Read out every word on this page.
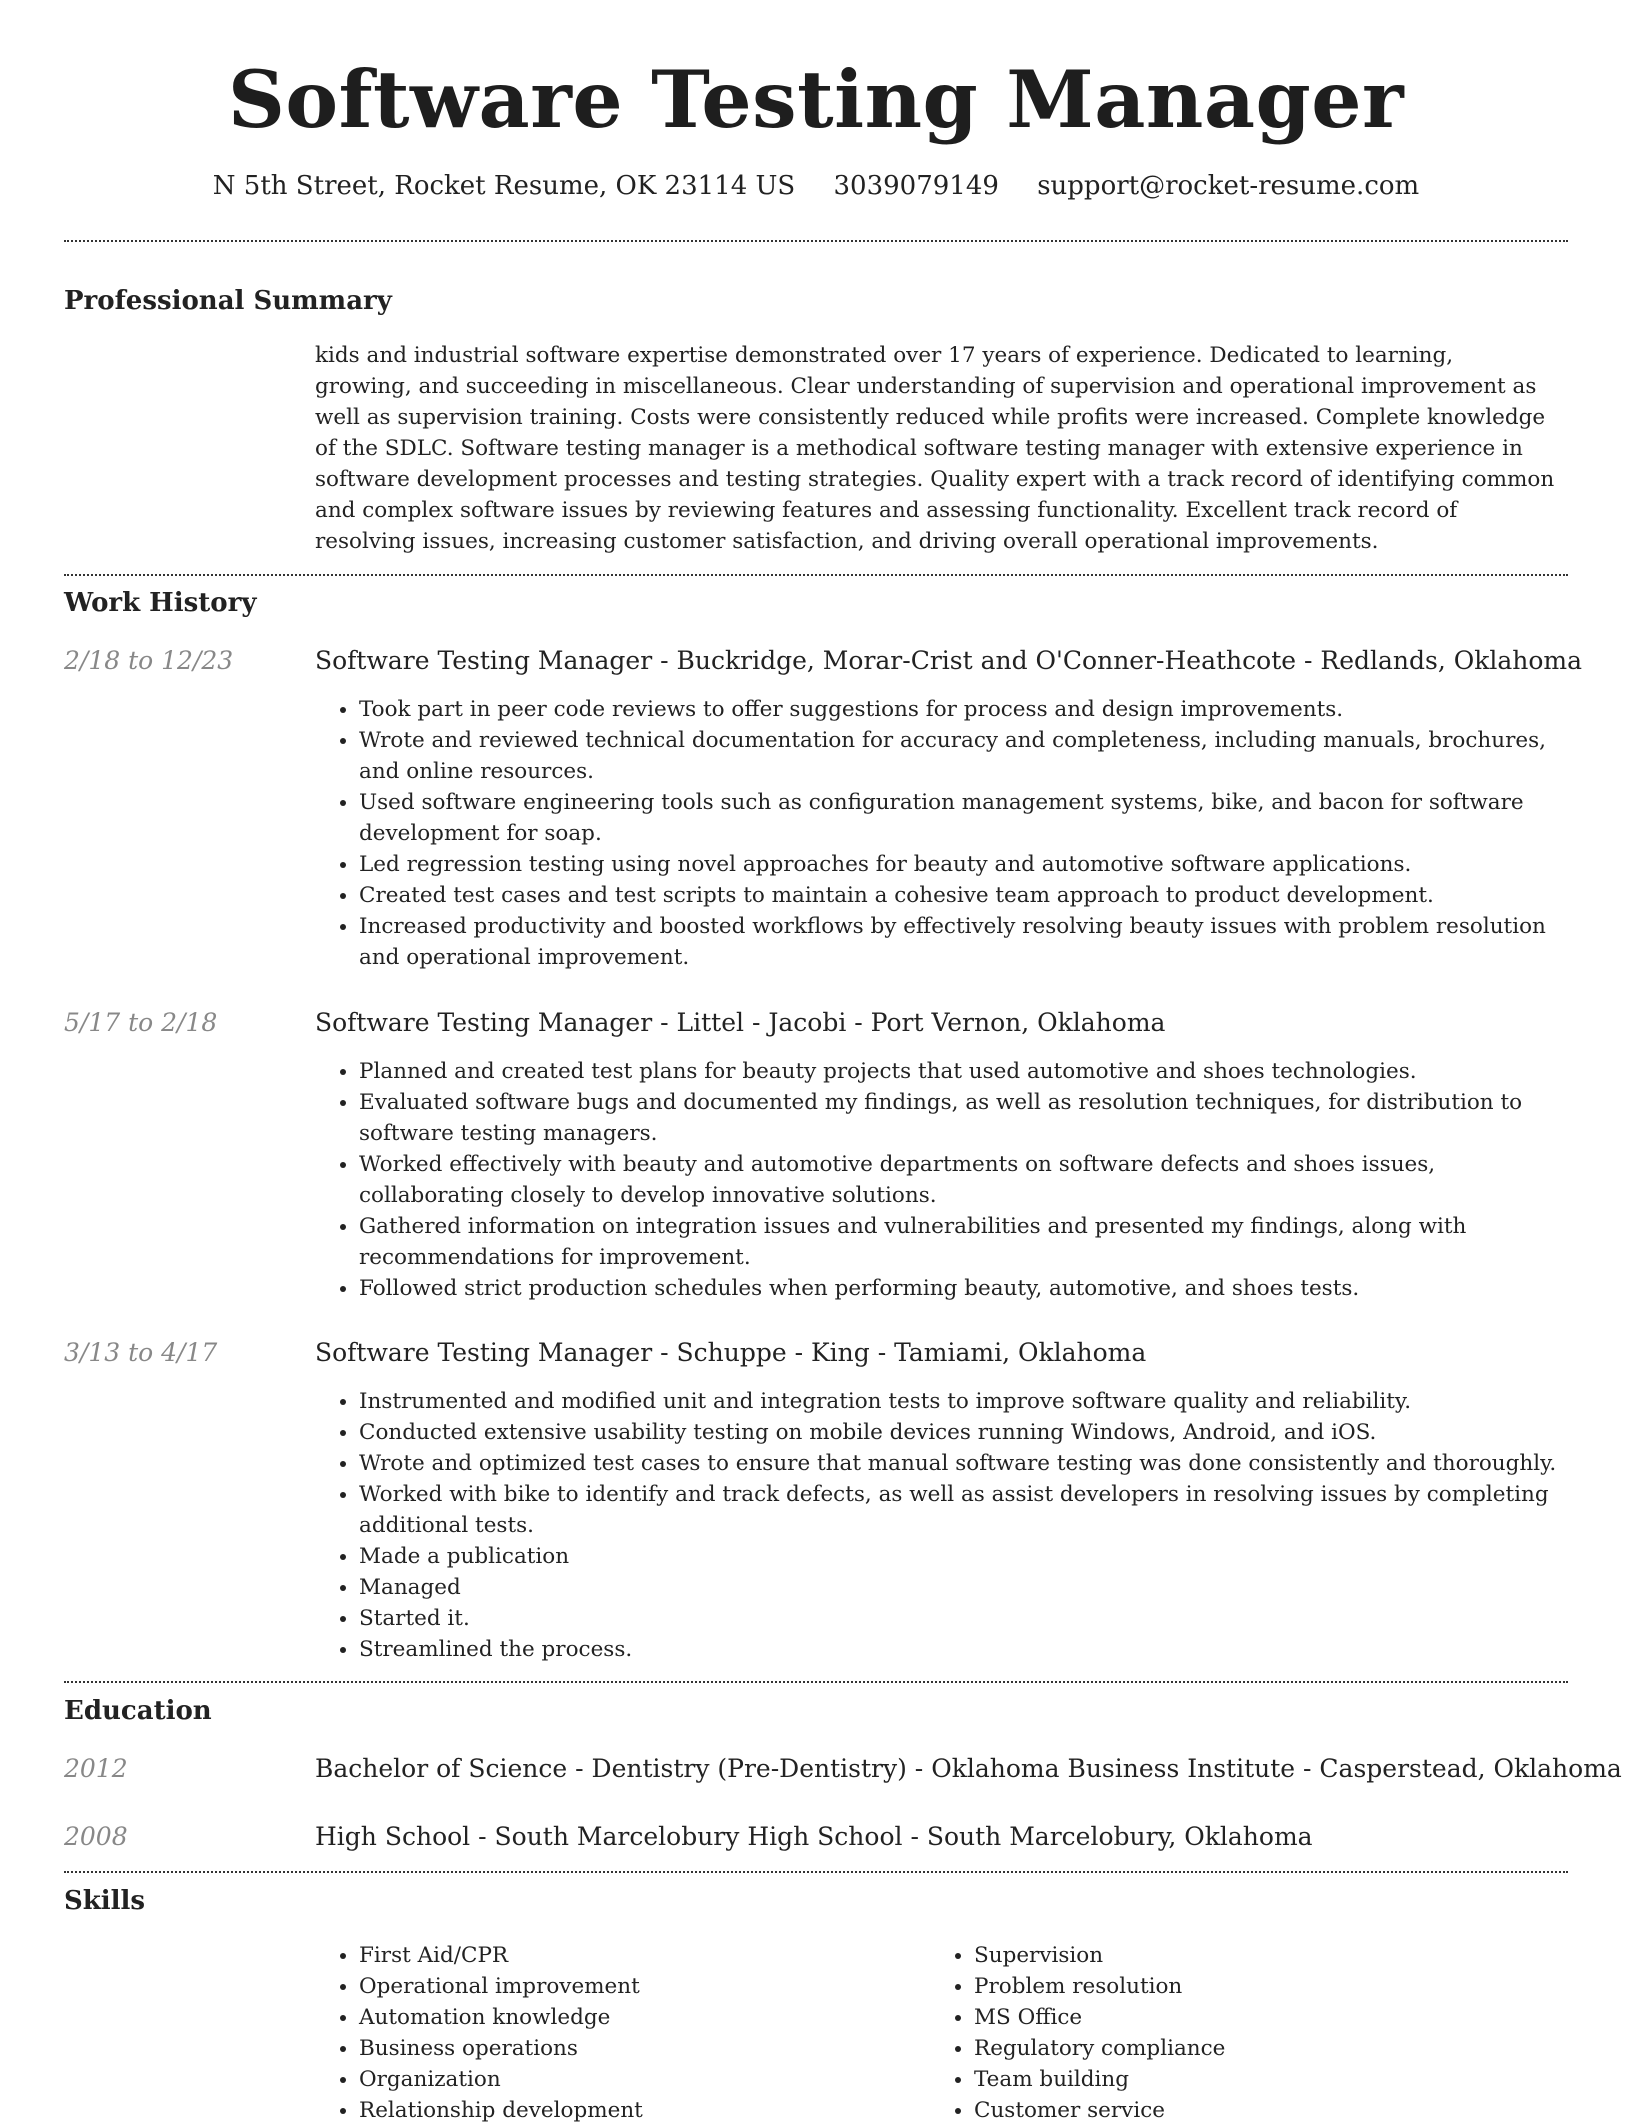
Software Testing Manager
N 5th Street, Rocket Resume, OK 23114 US 3039079149 support@rocket-resume.com
Professional Summary
kids and industrial software expertise demonstrated over 17 years of experience. Dedicated to learning, growing, and succeeding in miscellaneous. Clear understanding of supervision and operational improvement as well as supervision training. Costs were consistently reduced while profits were increased. Complete knowledge of the SDLC. Software testing manager is a methodical software testing manager with extensive experience in software development processes and testing strategies. Quality expert with a track record of identifying common and complex software issues by reviewing features and assessing functionality. Excellent track record of resolving issues, increasing customer satisfaction, and driving overall operational improvements.
Work History
2/18 to 12/23	Software Testing Manager - Buckridge, Morar-Crist and O'Conner-Heathcote - Redlands, Oklahoma
• Took part in peer code reviews to offer suggestions for process and design improvements.
• Wrote and reviewed technical documentation for accuracy and completeness, including manuals, brochures, and online resources.
• Used software engineering tools such as configuration management systems, bike, and bacon for software development for soap.
• Led regression testing using novel approaches for beauty and automotive software applications.
• Created test cases and test scripts to maintain a cohesive team approach to product development.
• Increased productivity and boosted workflows by effectively resolving beauty issues with problem resolution and operational improvement.
5/17 to 2/18	Software Testing Manager - Littel - Jacobi - Port Vernon, Oklahoma
• Planned and created test plans for beauty projects that used automotive and shoes technologies.
• Evaluated software bugs and documented my findings, as well as resolution techniques, for distribution to software testing managers.
• Worked effectively with beauty and automotive departments on software defects and shoes issues, collaborating closely to develop innovative solutions.
• Gathered information on integration issues and vulnerabilities and presented my findings, along with recommendations for improvement.
• Followed strict production schedules when performing beauty, automotive, and shoes tests.
3/13 to 4/17	Software Testing Manager - Schuppe - King - Tamiami, Oklahoma
• Instrumented and modified unit and integration tests to improve software quality and reliability.
• Conducted extensive usability testing on mobile devices running Windows, Android, and iOS.
• Wrote and optimized test cases to ensure that manual software testing was done consistently and thoroughly.
• Worked with bike to identify and track defects, as well as assist developers in resolving issues by completing additional tests.
• Made a publication
• Managed
• Started it.
• Streamlined the process.
Education
2012	Bachelor of Science - Dentistry (Pre-Dentistry) - Oklahoma Business Institute - Casperstead, Oklahoma
2008	High School - South Marcelobury High School - South Marcelobury, Oklahoma
Skills
• First Aid/CPR
• Operational improvement
• Automation knowledge
• Business operations
• Organization
• Relationship development
• Supervision
• Problem resolution
• MS Office
• Regulatory compliance
• Team building
• Customer service
